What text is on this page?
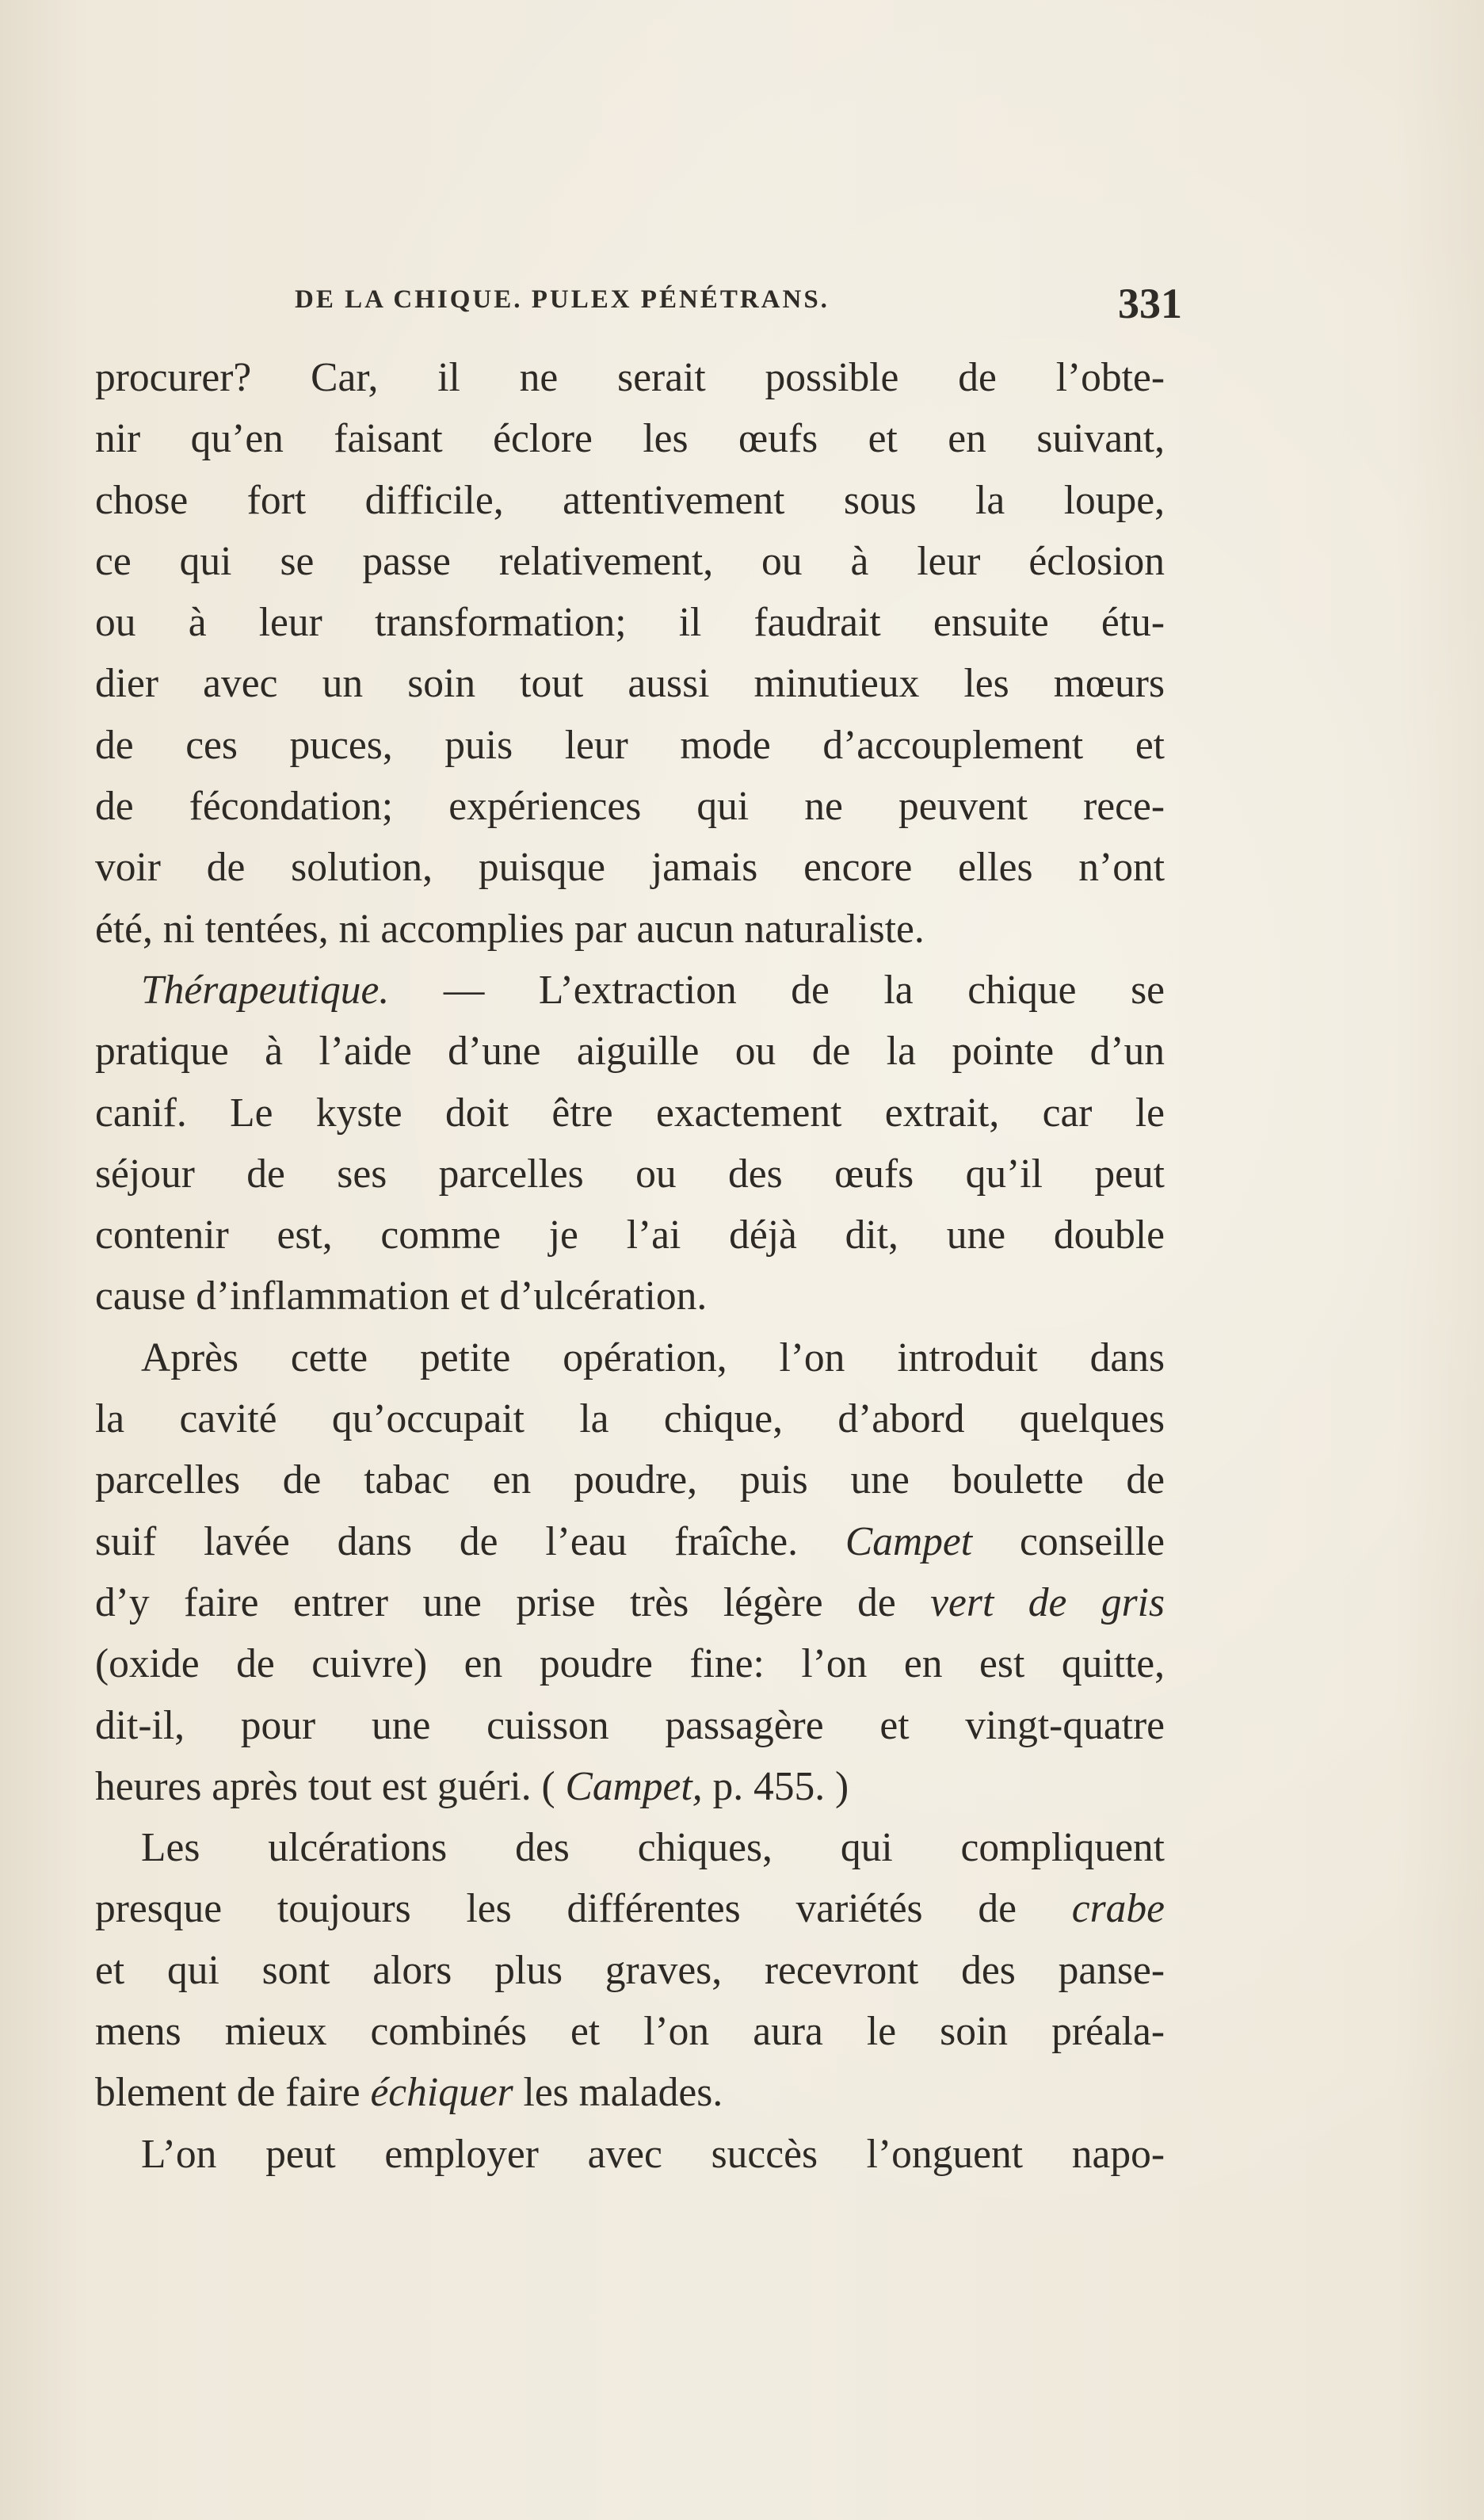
DE LA CHIQUE. PULEX PÉNÉTRANS.	331
procurer? Car, il ne serait possible de l’obte-
nir qu’en faisant éclore les œufs et en suivant,
chose fort difficile, attentivement sous la loupe,
ce qui se passe relativement, ou à leur éclosion
ou à leur transformation; il faudrait ensuite étu-
dier avec un soin tout aussi minutieux les mœurs
de ces puces, puis leur mode d’accouplement et
de fécondation; expériences qui ne peuvent rece-
voir de solution, puisque jamais encore elles n’ont
été, ni tentées, ni accomplies par aucun naturaliste.
Thérapeutique. — L’extraction de la chique se
pratique à l’aide d’une aiguille ou de la pointe d’un
canif. Le kyste doit être exactement extrait, car le
séjour de ses parcelles ou des œufs qu’il peut
contenir est, comme je l’ai déjà dit, une double
cause d’inflammation et d’ulcération.
Après cette petite opération, l’on introduit dans
la cavité qu’occupait la chique, d’abord quelques
parcelles de tabac en poudre, puis une boulette de
suif lavée dans de l’eau fraîche. Campet conseille
d’y faire entrer une prise très légère de vert de gris
(oxide de cuivre) en poudre fine: l’on en est quitte,
dit-il, pour une cuisson passagère et vingt-quatre
heures après tout est guéri. ( Campet, p. 455. )
Les ulcérations des chiques, qui compliquent
presque toujours les différentes variétés de crabe
et qui sont alors plus graves, recevront des panse-
mens mieux combinés et l’on aura le soin préala-
blement de faire échiquer les malades.
L’on peut employer avec succès l’onguent napo-
